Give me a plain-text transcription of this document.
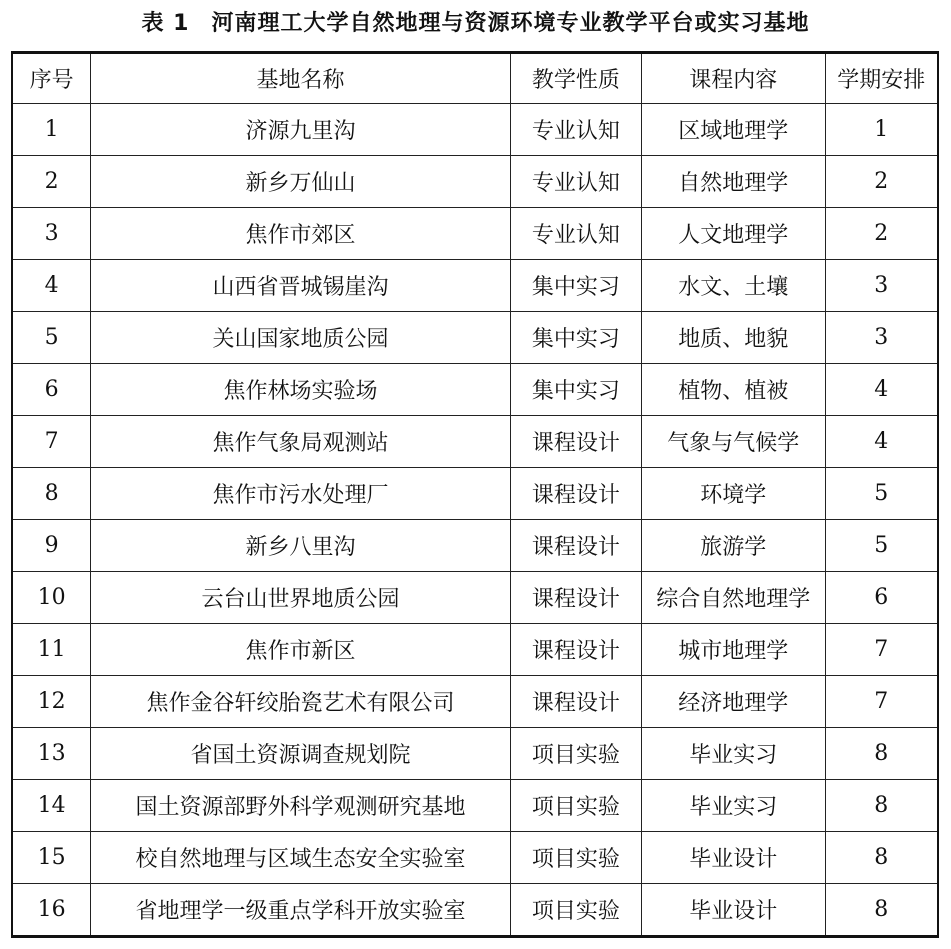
表 1 河南理工大学自然地理与资源环境专业教学平台或实习基地
序号	基地名称	教学性质	课程内容	学期安排
1	济源九里沟	专业认知	区域地理学	1
2	新乡万仙山	专业认知	自然地理学	2
3	焦作市郊区	专业认知	人文地理学	2
4	山西省晋城锡崖沟	集中实习	水文、土壤	3
5	关山国家地质公园	集中实习	地质、地貌	3
6	焦作林场实验场	集中实习	植物、植被	4
7	焦作气象局观测站	课程设计	气象与气候学	4
8	焦作市污水处理厂	课程设计	环境学	5
9	新乡八里沟	课程设计	旅游学	5
10	云台山世界地质公园	课程设计	综合自然地理学	6
11	焦作市新区	课程设计	城市地理学	7
12	焦作金谷轩绞胎瓷艺术有限公司	课程设计	经济地理学	7
13	省国土资源调查规划院	项目实验	毕业实习	8
14	国土资源部野外科学观测研究基地	项目实验	毕业实习	8
15	校自然地理与区域生态安全实验室	项目实验	毕业设计	8
16	省地理学一级重点学科开放实验室	项目实验	毕业设计	8
